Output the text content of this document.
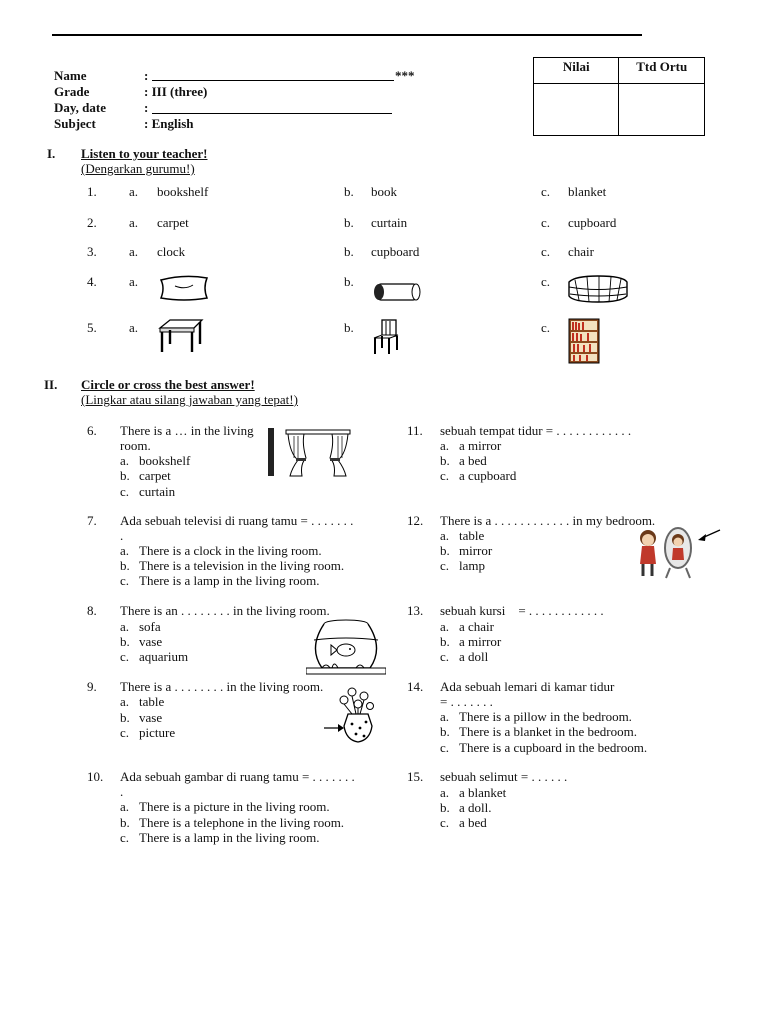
Name	:	***
Grade	: III (three)
Day, date	:
Subject	: English
Nilai	Ttd Ortu

I. Listen to your teacher!
(Dengarkan gurumu!)
1. a. bookshelf	b. book	c. blanket
2. a. carpet	b. curtain	c. cupboard
3. a. clock	b. cupboard	c. chair
4. a.	b.	c.
5. a.	b.	c.
II. Circle or cross the best answer!
(Lingkar atau silang jawaban yang tepat!)
6. There is a … in the living
room.
a. bookshelf
b. carpet
c. curtain
7. Ada sebuah televisi di ruang tamu = . . . . . . .
.
a. There is a clock in the living room.
b. There is a television in the living room.
c. There is a lamp in the living room.
8. There is an . . . . . . . . in the living room.
a. sofa
b. vase
c. aquarium
9. There is a . . . . . . . . in the living room.
a. table
b. vase
c. picture
10. Ada sebuah gambar di ruang tamu = . . . . . . .
.
a. There is a picture in the living room.
b. There is a telephone in the living room.
c. There is a lamp in the living room.
11. sebuah tempat tidur = . . . . . . . . . . . .
a. a mirror
b. a bed
c. a cupboard
12. There is a . . . . . . . . . . . . in my bedroom.
a. table
b. mirror
c. lamp
13. sebuah kursi    = . . . . . . . . . . . .
a. a chair
b. a mirror
c. a doll
14. Ada sebuah lemari di kamar tidur
= . . . . . . .
a. There is a pillow in the bedroom.
b. There is a blanket in the bedroom.
c. There is a cupboard in the bedroom.
15. sebuah selimut = . . . . . .
a. a blanket
b. a doll.
c. a bed
